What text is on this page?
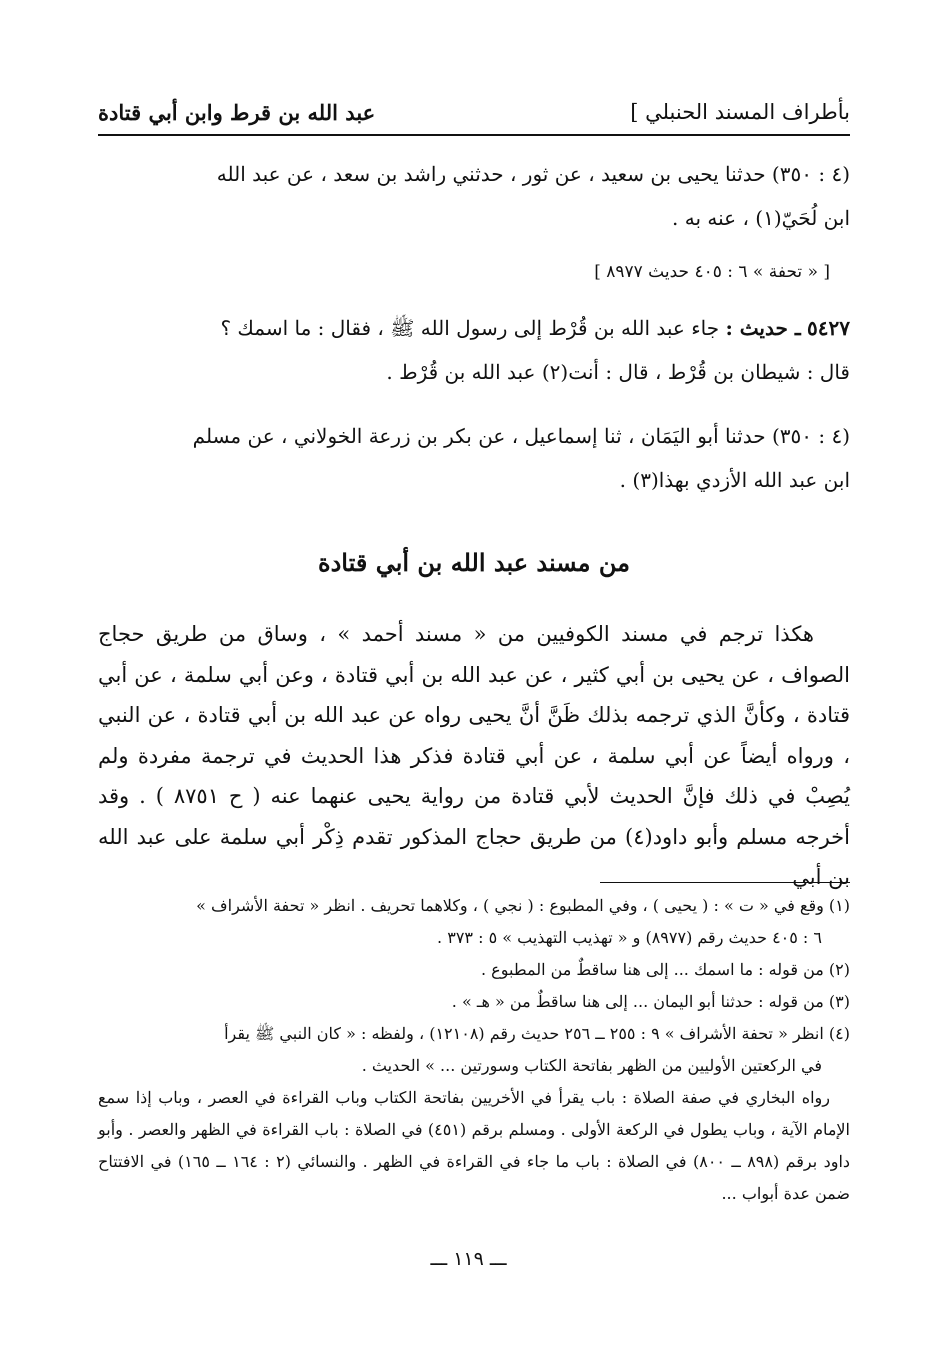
بأطراف المسند الحنبلي ]
عبد الله بن قرط وابن أبي قتادة

(٤ : ٣٥٠) حدثنا يحيى بن سعيد ، عن ثور ، حدثني راشد بن سعد ، عن عبد الله

ابن لُحَيّ(١) ، عنه به .

[ « تحفة » ٦ : ٤٠٥ حديث ٨٩٧٧ ]

٥٤٢٧ ـ حديث : جاء عبد الله بن قُرْط إلى رسول الله ﷺ ، فقال : ما اسمك ؟

قال : شيطان بن قُرْط ، قال : أنت(٢) عبد الله بن قُرْط .

(٤ : ٣٥٠) حدثنا أبو اليَمَان ، ثنا إسماعيل ، عن بكر بن زرعة الخولاني ، عن مسلم

ابن عبد الله الأزدي بهذا(٣) .

من مسند عبد الله بن أبي قتادة

هكذا ترجم في مسند الكوفيين من « مسند أحمد » ، وساق من طريق حجاج الصواف ، عن يحيى بن أبي كثير ، عن عبد الله بن أبي قتادة ، وعن أبي سلمة ، عن أبي قتادة ، وكأنَّ الذي ترجمه بذلك ظَنَّ أنَّ يحيى رواه عن عبد الله بن أبي قتادة ، عن النبي ، ورواه أيضاً عن أبي سلمة ، عن أبي قتادة فذكر هذا الحديث في ترجمة مفردة ولم يُصِبْ في ذلك فإنَّ الحديث لأبي قتادة من رواية يحيى عنهما عنه ( ح ٨٧٥١ ) . وقد أخرجه مسلم وأبو داود(٤) من طريق حجاج المذكور تقدم ذِكْر أبي سلمة على عبد الله بن أبي

(١) وقع في « ت » : ( يحيى ) ، وفي المطبوع : ( نجي ) ، وكلاهما تحريف . انظر « تحفة الأشراف »

٦ : ٤٠٥ حديث رقم (٨٩٧٧) و « تهذيب التهذيب » ٥ : ٣٧٣ .

(٢) من قوله : ما اسمك ... إلى هنا ساقطٌ من المطبوع .

(٣) من قوله : حدثنا أبو اليمان ... إلى هنا ساقطٌ من « هـ » .

(٤) انظر « تحفة الأشراف » ٩ : ٢٥٥ ــ ٢٥٦ حديث رقم (١٢١٠٨) ، ولفظه : « كان النبي ﷺ يقرأ

في الركعتين الأوليين من الظهر بفاتحة الكتاب وسورتين ... » الحديث .

رواه البخاري في صفة الصلاة : باب يقرأ في الأخريين بفاتحة الكتاب وباب القراءة في العصر ، وباب إذا سمع الإمام الآية ، وباب يطول في الركعة الأولى . ومسلم برقم (٤٥١) في الصلاة : باب القراءة في الظهر والعصر . وأبو داود برقم (٨٩٨ ــ ٨٠٠) في الصلاة : باب ما جاء في القراءة في الظهر . والنسائي (٢ : ١٦٤ ــ ١٦٥) في الافتتاح ضمن عدة أبواب ...

ـــ ١١٩ ـــ
